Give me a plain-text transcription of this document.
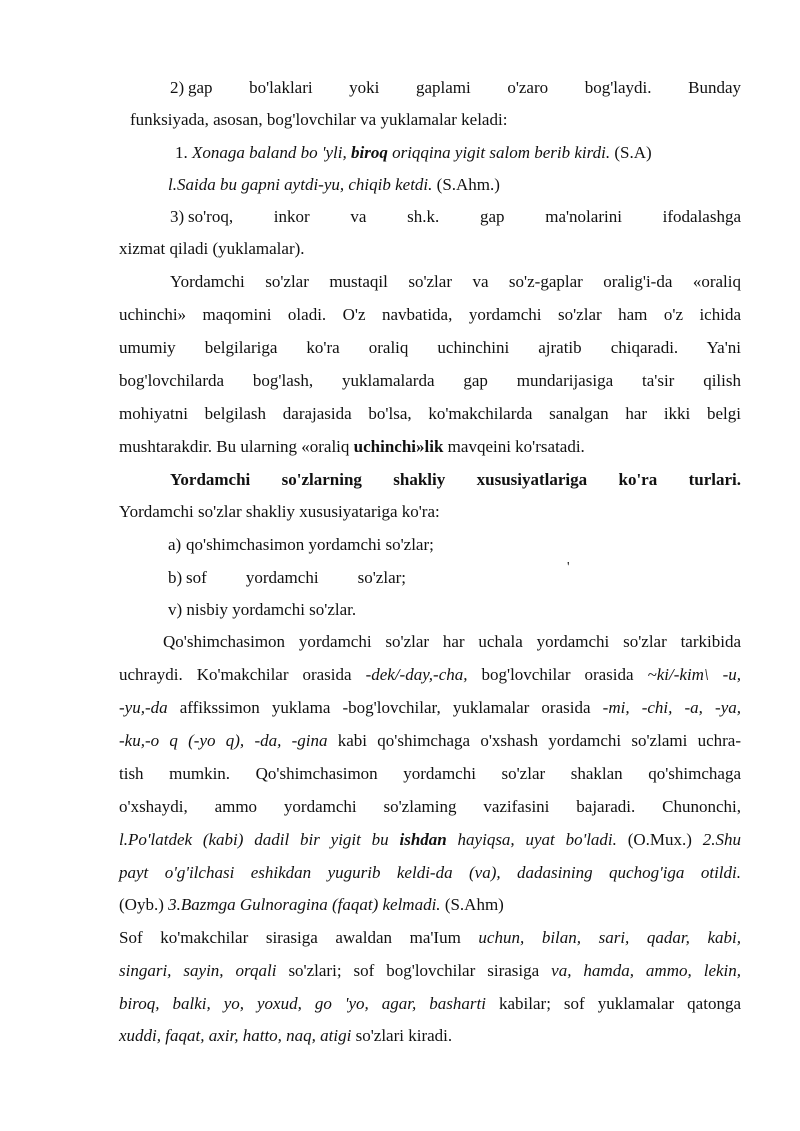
2) gap bo'laklari yoki gaplami o'zaro bog'laydi. Bunday
funksiyada, asosan, bog'lovchilar va yuklamalar keladi:
1. Xonaga baland bo 'yli, biroq oriqqina yigit salom berib kirdi. (S.A)
l.Saida bu gapni aytdi-yu, chiqib ketdi. (S.Ahm.)
3) so'roq, inkor va sh.k. gap ma'nolarini ifodalashga
xizmat qiladi (yuklamalar).
Yordamchi so'zlar mustaqil so'zlar va so'z-gaplar oralig'i-da «oraliq
uchinchi» maqomini oladi. O'z navbatida, yordamchi so'zlar ham o'z ichida
umumiy belgilariga ko'ra oraliq uchinchini ajratib chiqaradi. Ya'ni
bog'lovchilarda bog'lash, yuklamalarda gap mundarijasiga ta'sir qilish
mohiyatni belgilash darajasida bo'lsa, ko'makchilarda sanalgan har ikki belgi
mushtarakdir. Bu ularning «oraliq uchinchi»lik mavqeini ko'rsatadi.
Yordamchi so'zlarning shakliy xususiyatlariga ko'ra turlari.
Yordamchi so'zlar shakliy xususiyatariga ko'ra:
a) qo'shimchasimon yordamchi so'zlar;
b) sof yordamchi so'zlar;
'
v) nisbiy yordamchi so'zlar.
Qo'shimchasimon yordamchi so'zlar har uchala yordamchi so'zlar tarkibida
uchraydi. Ko'makchilar orasida -dek/-day,-cha, bog'lovchilar orasida ~ki/-kim\ -u,
-yu,-da affikssimon yuklama -bog'lovchilar, yuklamalar orasida -mi, -chi, -a, -ya,
-ku,-o q (-yo q), -da, -gina kabi qo'shimchaga o'xshash yordamchi so'zlami uchra-
tish mumkin. Qo'shimchasimon yordamchi so'zlar shaklan qo'shimchaga
o'xshaydi, ammo yordamchi so'zlaming vazifasini bajaradi. Chunonchi,
l.Po'latdek (kabi) dadil bir yigit bu ishdan hayiqsa, uyat bo'ladi. (O.Mux.) 2.Shu
payt o'g'ilchasi eshikdan yugurib keldi-da (va), dadasining quchog'iga otildi.
(Oyb.) 3.Bazmga Gulnoragina (faqat) kelmadi. (S.Ahm)
Sof ko'makchilar sirasiga awaldan ma'Ium uchun, bilan, sari, qadar, kabi,
singari, sayin, orqali so'zlari; sof bog'lovchilar sirasiga va, hamda, ammo, lekin,
biroq, balki, yo, yoxud, go 'yo, agar, basharti kabilar; sof yuklamalar qatonga
xuddi, faqat, axir, hatto, naq, atigi so'zlari kiradi.
